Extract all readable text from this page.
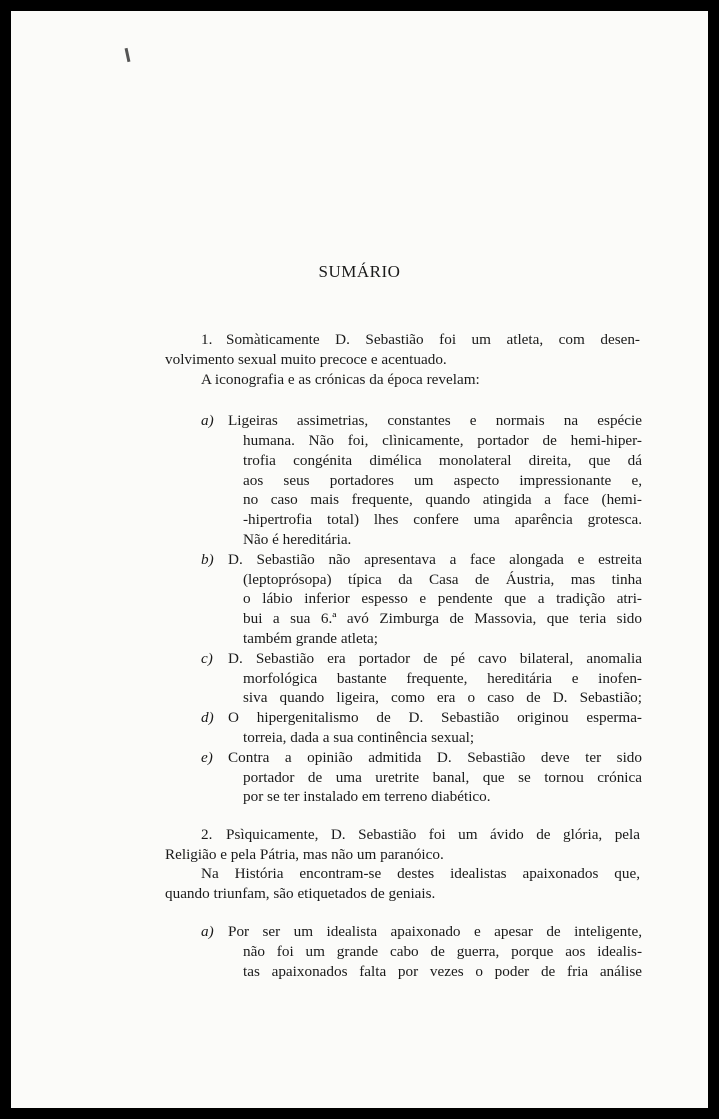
SUMÁRIO
1. Somàticamente D. Sebastião foi um atleta, com desen-
volvimento sexual muito precoce e acentuado.
A iconografia e as crónicas da época revelam:
a) Ligeiras assimetrias, constantes e normais na espécie
humana. Não foi, clìnicamente, portador de hemi-hiper-
trofia congénita dimélica monolateral direita, que dá
aos seus portadores um aspecto impressionante e,
no caso mais frequente, quando atingida a face (hemi-
-hipertrofia total) lhes confere uma aparência grotesca.
Não é hereditária.
b) D. Sebastião não apresentava a face alongada e estreita
(leptoprósopa) típica da Casa de Áustria, mas tinha
o lábio inferior espesso e pendente que a tradição atri-
bui a sua 6.ª avó Zimburga de Massovia, que teria sido
também grande atleta;
c) D. Sebastião era portador de pé cavo bilateral, anomalia
morfológica bastante frequente, hereditária e inofen-
siva quando ligeira, como era o caso de D. Sebastião;
d) O hipergenitalismo de D. Sebastião originou esperma-
torreia, dada a sua continência sexual;
e) Contra a opinião admitida D. Sebastião deve ter sido
portador de uma uretrite banal, que se tornou crónica
por se ter instalado em terreno diabético.
2. Psìquicamente, D. Sebastião foi um ávido de glória, pela
Religião e pela Pátria, mas não um paranóico.
Na História encontram-se destes idealistas apaixonados que,
quando triunfam, são etiquetados de geniais.
a) Por ser um idealista apaixonado e apesar de inteligente,
não foi um grande cabo de guerra, porque aos idealis-
tas apaixonados falta por vezes o poder de fria análise
